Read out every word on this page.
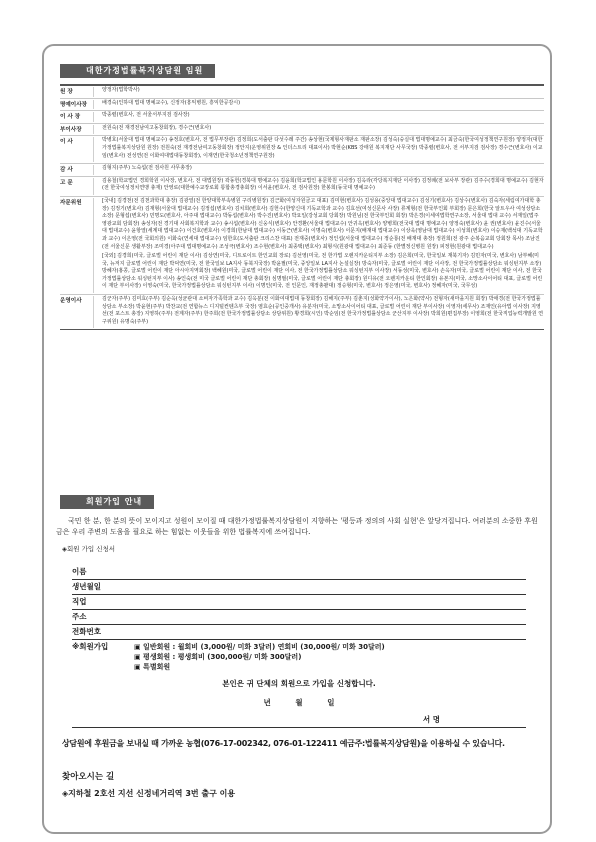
대한가정법률복지상담원 임원
원 장	양정자(법학박사)

명예이사장	배경숙(인하대 법대 명예교수), 신정자(흥익병원, 흥익한공감시)

이 사 장	박종렬(변호사, 전 서울서부지검 검사장)

부이사장	전원숙(전 재경전남여고동창회장), 경수근(변호사)

이 사	박병호(서울대 법대 명예교수) 송정호(변호사, 전 법무부장관) 김정희(도서출판 다섯수레 주간) 송상현(국제형사재판소 재판소장) 김성숙(숭실대 법대명예교수) 최금숙(한국여성정책연구원장) 양정자(대한가정법률복지상담원 원장) 전원숙(전 재경전남여고동창회장) 정안지(운영위원장 & 인더스트리 대표이사) 박현순(KBS 강태원 복지재단 사무국장) 박종렬(변호사, 전 서부지검 검사장) 경수근(변호사) 이교임(변호사) 전성연(전 이화여대법대동창회장), 이재연(한국청소년정책연구원장)

감 사	김형지(주부) 노숙섭(전 검사원 사무총장)

고 문	김용철(학교법인 경희학원 이사장, 변호사, 전 대법원장) 곽동헌(경북대 명예교수) 김윤희(학교법인 용문학원 이사장) 김옥라(각당복지재단 이사장) 김정례(전 보사부 장관) 김주수(경희대 명예교수) 김현자(전 한국여성정치연맹 총재) 안영로(대한예수교장로회 통합총경총회장) 이서윤(변호사, 전 검사원장) 한봉희(동국대 명예교수)

자문위원	[국내] 김경천(전 김천과학대 총장) 김광열(전 한양대학부속병원 구리병원장) 김근화(여성자원금고 대표) 김미현(변호사) 김성용(중앙대 법대교수) 김성기(변호사) 김상수(변호사) 김숙자(세림여가대학 총장) 김정기(변호사) 김재형(서울대 법대교수) 김정섭(변호사) 김치희(변호사) 김헌수(한양신대 기독교학과 교수) 김효선(여성신문사 사장) 류계형(전 한국부인회 부회장) 문은희(한국 알트우사 여성상담소 소장) 문형섭(변호사) 민명도(변호사, 아주대 법대교수) 박동섭(변호사) 박수진(변호사) 박요일(강성교회 당회장) 박원님(전 한국부인회 회장) 박은경(이세여법학연구소장, 서울대 법대 교수) 서재일(법주 영광교회 담회장) 송성자(전 경기대 사회복지학과 교수) 송시섭(변호사) 신웅식(변호사) 안경환(서울대 법대교수) 안귀옥(변호사) 양병희(전국대 법대 명예교수) 양정숙(변호사) 윤 권(변호사) 윤진수(서울대 법대교수) 윤항열(세계대 법대교수) 이건호(변호사) 이경희(한남대 법대교수) 이동근(변호사) 이명숙(변호사) 이문지(배재대 법대교수) 이상욱(영남대 법대교수) 이성희(변호사) 이승재(백석대 기독교학과 교수) 이은영(전 국회의원) 이화숙(연세대 법대교수) 임한호(도서출판 크리스찬 대표) 전재중(변호사) 정인섭(서울대 법대교수) 정순룡(전 배재대 총장) 정원희(전 광주 순복음교회 당회장 목사) 조남진(전 서울신문 생활부장) 조미경(아주대 법대명예교수) 조성극(변호사) 조수현(변호사) 최종택(변호사) 최형식(원광대 법대교수) 최준동 (한별정신병원 원장) 피정현(원광대 법대교수)

[국외] 김경희(미국, 글로벌 어린이 재단 이사) 김상연(미국, 디트로이트 한인교회 장로) 김선영(미국, 전 한가법 오렌지카운티지부 소장) 김은희(미국, 한국일보 재북기자) 김민자(미국, 변호사) 남부혜(미국, 뉴저지 글로벌 어린이 재단 박덕연(미국, 전 한국일보 LA지사 동북지국장) 박윤필(미국, 중앙일보 LA지사 논설실장) 방숙자(미국, 글로벌 어린이 재단 이사장, 전 한국가정법률상담소 워싱턴지부 소장) 방혜자(홍콩, 글로벌 어린이 재단 아시아지역회장) 백혜원(미국, 글로벌 어린이 재단 이사, 전 한국가정법률상담소 워싱턴지부 이사장) 서동성(미국, 변호사) 손옥자(미국, 글로벌 어린이 재단 이사, 전 한국가정법률상담소 워싱턴지부 이사) 송인숙(전 미국 글로벌 어린이 재단 총회장) 심명필(미국, 글로벌 어린이 재단 총회장) 원디유(전 오렌지카운티 한인회장) 유본지(미국, 소망소사이어티 대표, 글로벌 어린이 재단 부이사장) 이영숙(미국, 한국가정법률상담소 워싱턴지부 이사) 이명인(미국, 전 인문인, 재정총괄대) 정승형(미국, 변호사) 정은영(미국, 변호사) 정혜자(미국, 국무성)

운영이사	김군자(주부) 김미효(주부) 김순옥(성균관대 소비자가족학과 교수) 김옥분(전 이화여대법대 동창회장) 김해지(주부) 김춘지(성화약가이사), 노은화(약사) 전형자(새마을지원 회장) 박애경(전 한국가정법률상담소 부소장) 박윤현(주부) 박찬교(전 연합뉴스 디지털컨텐츠부 국장) 염효순(공인중개사) 유분자(미국, 소망소사이어티 대표, 글로벌 어린이 재단 부이사장) 이영자(세무사) 조재인(유아법 이사장) 지영선(전 포스트 총장) 지영하(주부) 전계자(주부) 한주희(전 한국가정법률상담소 상담위원) 황경희(시인) 박순임(전 한국가정법률상담소 군산지부 이사장) 박희원(편집부장) 이영희(전 한국직업능력개발원 연구위원) 유명숙(주부)

회원가입 안내
국민 한 분, 한 분의 뜻이 모이지고 성원이 모이질 때 대한가정법률복지상담원이 지향하는 '평등과 정의의 사회 실현'은 앞당겨집니다. 여러분의 소중한 후원금은 우리 주변의 도움을 필요로 하는 힘없는 이웃들을 위한 법률복지에 쓰여집니다.
◈회원 가입 신청서
이름
생년월일
직업
주소
전화번호
※회원가입	▣ 일반회원 : 월회비 (3,000원/ 미화 3달러) 연회비 (30,000원/ 미화 30달러)
▣ 평생회원 : 평생회비 (300,000원/ 미화 300달러)
▣ 특별회원
본인은 귀 단체의 회원으로 가입을 신청합니다.
년 월 일
서 명
상담원에 후원금을 보내실 때 가까운 농협(076-17-002342, 076-01-122411 예금주:법률복지상담원)을 이용하실 수 있습니다.
찾아오시는 길
◈지하철 2호선 지선 신정네거리역 3번 출구 이용
